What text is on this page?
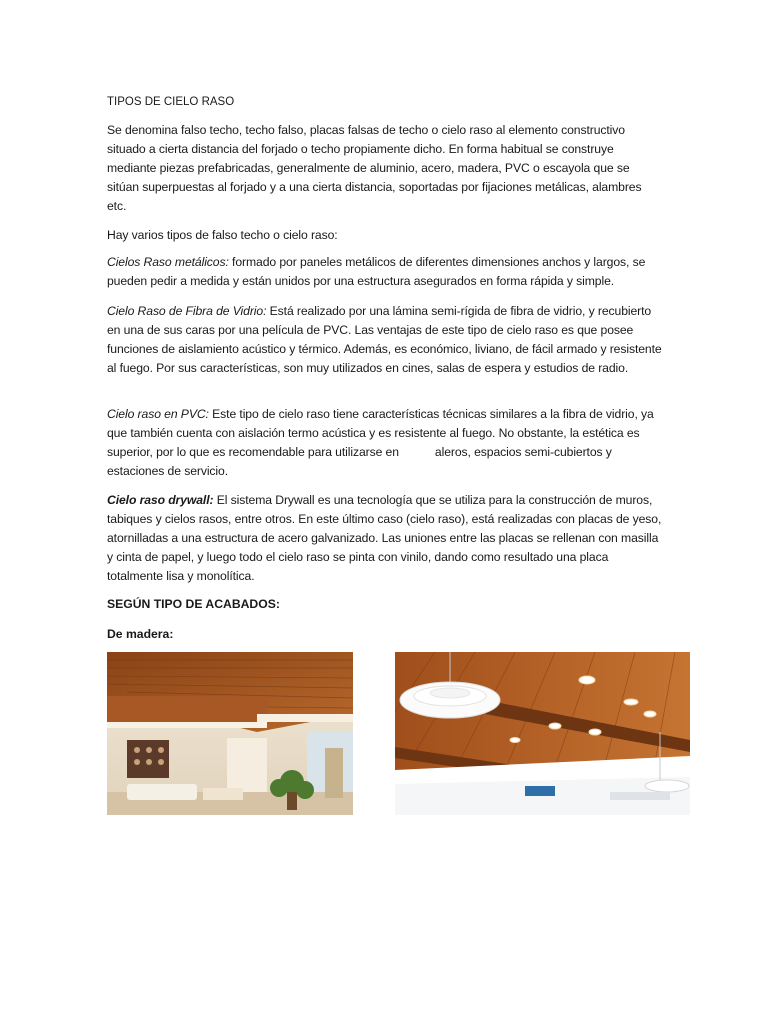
TIPOS DE CIELO RASO
Se denomina falso techo, techo falso, placas falsas de techo o cielo raso al elemento constructivo situado a cierta distancia del forjado o techo propiamente dicho. En forma habitual se construye mediante piezas prefabricadas, generalmente de aluminio, acero, madera, PVC o escayola que se sitúan superpuestas al forjado y a una cierta distancia, soportadas por fijaciones metálicas, alambres etc.
Hay varios tipos de falso techo o cielo raso:
Cielos Raso metálicos: formado por paneles metálicos de diferentes dimensiones anchos y largos, se pueden pedir a medida y están unidos por una estructura asegurados en forma rápida y simple.
Cielo Raso de Fibra de Vidrio: Está realizado por una lámina semi-rígida de fibra de vidrio, y recubierto en una de sus caras por una película de PVC. Las ventajas de este tipo de cielo raso es que posee funciones de aislamiento acústico y térmico. Además, es económico, liviano, de fácil armado y resistente al fuego. Por sus características, son muy utilizados en cines, salas de espera y estudios de radio.
Cielo raso en PVC: Este tipo de cielo raso tiene características técnicas similares a la fibra de vidrio, ya que también cuenta con aislación termo acústica y es resistente al fuego. No obstante, la estética es superior, por lo que es recomendable para utilizarse en	aleros, espacios semi-cubiertos y estaciones de servicio.
Cielo raso drywall: El sistema Drywall es una tecnología que se utiliza para la construcción de muros, tabiques y cielos rasos, entre otros. En este último caso (cielo raso), está realizadas con placas de yeso, atornilladas a una estructura de acero galvanizado. Las uniones entre las placas se rellenan con masilla y cinta de papel, y luego todo el cielo raso se pinta con vinilo, dando como resultado una placa totalmente lisa y monolítica.
SEGÚN TIPO DE ACABADOS:
De madera:
